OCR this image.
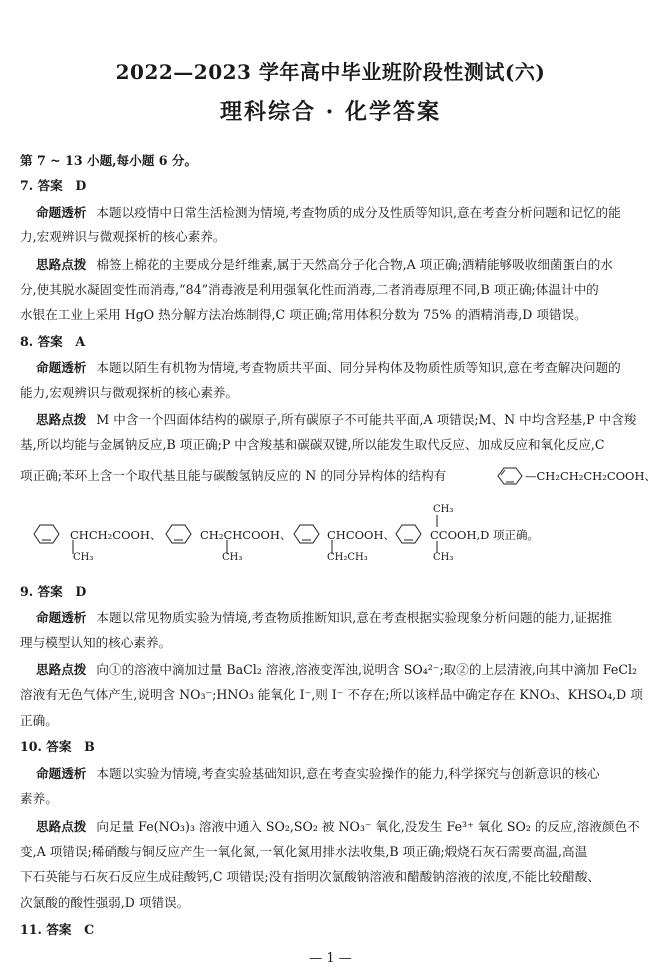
2022—2023 学年高中毕业班阶段性测试(六)
理科综合 · 化学答案
第 7 ~ 13 小题,每小题 6 分。
7. 答案　D
命题透析 本题以疫情中日常生活检测为情境,考查物质的成分及性质等知识,意在考查分析问题和记忆的能
力,宏观辨识与微观探析的核心素养。
思路点拨 棉签上棉花的主要成分是纤维素,属于天然高分子化合物,A 项正确;酒精能够吸收细菌蛋白的水
分,使其脱水凝固变性而消毒,“84”消毒液是利用强氧化性而消毒,二者消毒原理不同,B 项正确;体温计中的
水银在工业上采用 HgO 热分解方法冶炼制得,C 项正确;常用体积分数为 75% 的酒精消毒,D 项错误。
8. 答案　A
命题透析 本题以陌生有机物为情境,考查物质共平面、同分异构体及物质性质等知识,意在考查解决问题的
能力,宏观辨识与微观探析的核心素养。
思路点拨 M 中含一个四面体结构的碳原子,所有碳原子不可能共平面,A 项错误;M、N 中均含羟基,P 中含羧
基,所以均能与金属钠反应,B 项正确;P 中含羧基和碳碳双键,所以能发生取代反应、加成反应和氧化反应,C
项正确;苯环上含一个取代基且能与碳酸氢钠反应的 N 的同分异构体的结构有	—CH₂CH₂CH₂COOH、
CHCH₂COOH、
CH₃
CH₂CHCOOH、
CH₃
CHCOOH、
CH₂CH₃
CCOOH,D 项正确。
CH₃
CH₃
9. 答案　D
命题透析 本题以常见物质实验为情境,考查物质推断知识,意在考查根据实验现象分析问题的能力,证据推
理与模型认知的核心素养。
思路点拨 向①的溶液中滴加过量 BaCl₂ 溶液,溶液变浑浊,说明含 SO₄²⁻;取②的上层清液,向其中滴加 FeCl₂
溶液有无色气体产生,说明含 NO₃⁻;HNO₃ 能氧化 I⁻,则 I⁻ 不存在;所以该样品中确定存在 KNO₃、KHSO₄,D 项
正确。
10. 答案　B
命题透析 本题以实验为情境,考查实验基础知识,意在考查实验操作的能力,科学探究与创新意识的核心
素养。
思路点拨 向足量 Fe(NO₃)₃ 溶液中通入 SO₂,SO₂ 被 NO₃⁻ 氧化,没发生 Fe³⁺ 氧化 SO₂ 的反应,溶液颜色不
变,A 项错误;稀硝酸与铜反应产生一氧化氮,一氧化氮用排水法收集,B 项正确;煅烧石灰石需要高温,高温
下石英能与石灰石反应生成硅酸钙,C 项错误;没有指明次氯酸钠溶液和醋酸钠溶液的浓度,不能比较醋酸、
次氯酸的酸性强弱,D 项错误。
11. 答案　C
— 1 —
